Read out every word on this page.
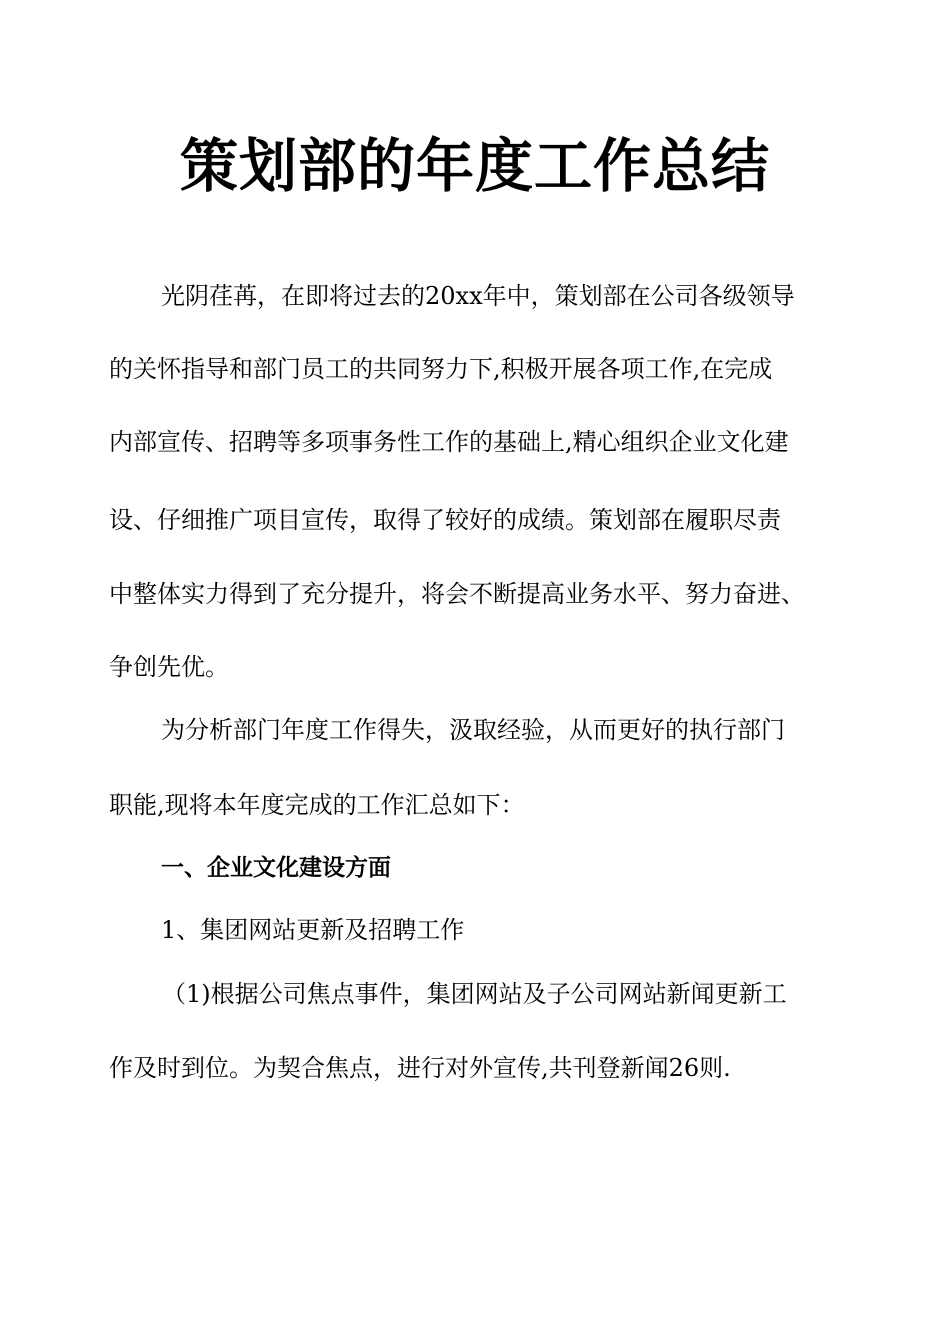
策划部的年度工作总结
光阴荏苒，在即将过去的20xx年中，策划部在公司各级领导
的关怀指导和部门员工的共同努力下,积极开展各项工作,在完成
内部宣传、招聘等多项事务性工作的基础上,精心组织企业文化建
设、仔细推广项目宣传，取得了较好的成绩。策划部在履职尽责
中整体实力得到了充分提升，将会不断提高业务水平、努力奋进、
争创先优。
为分析部门年度工作得失，汲取经验，从而更好的执行部门
职能,现将本年度完成的工作汇总如下：
一、企业文化建设方面
1、集团网站更新及招聘工作
（1)根据公司焦点事件，集团网站及子公司网站新闻更新工
作及时到位。为契合焦点，进行对外宣传,共刊登新闻26则.
